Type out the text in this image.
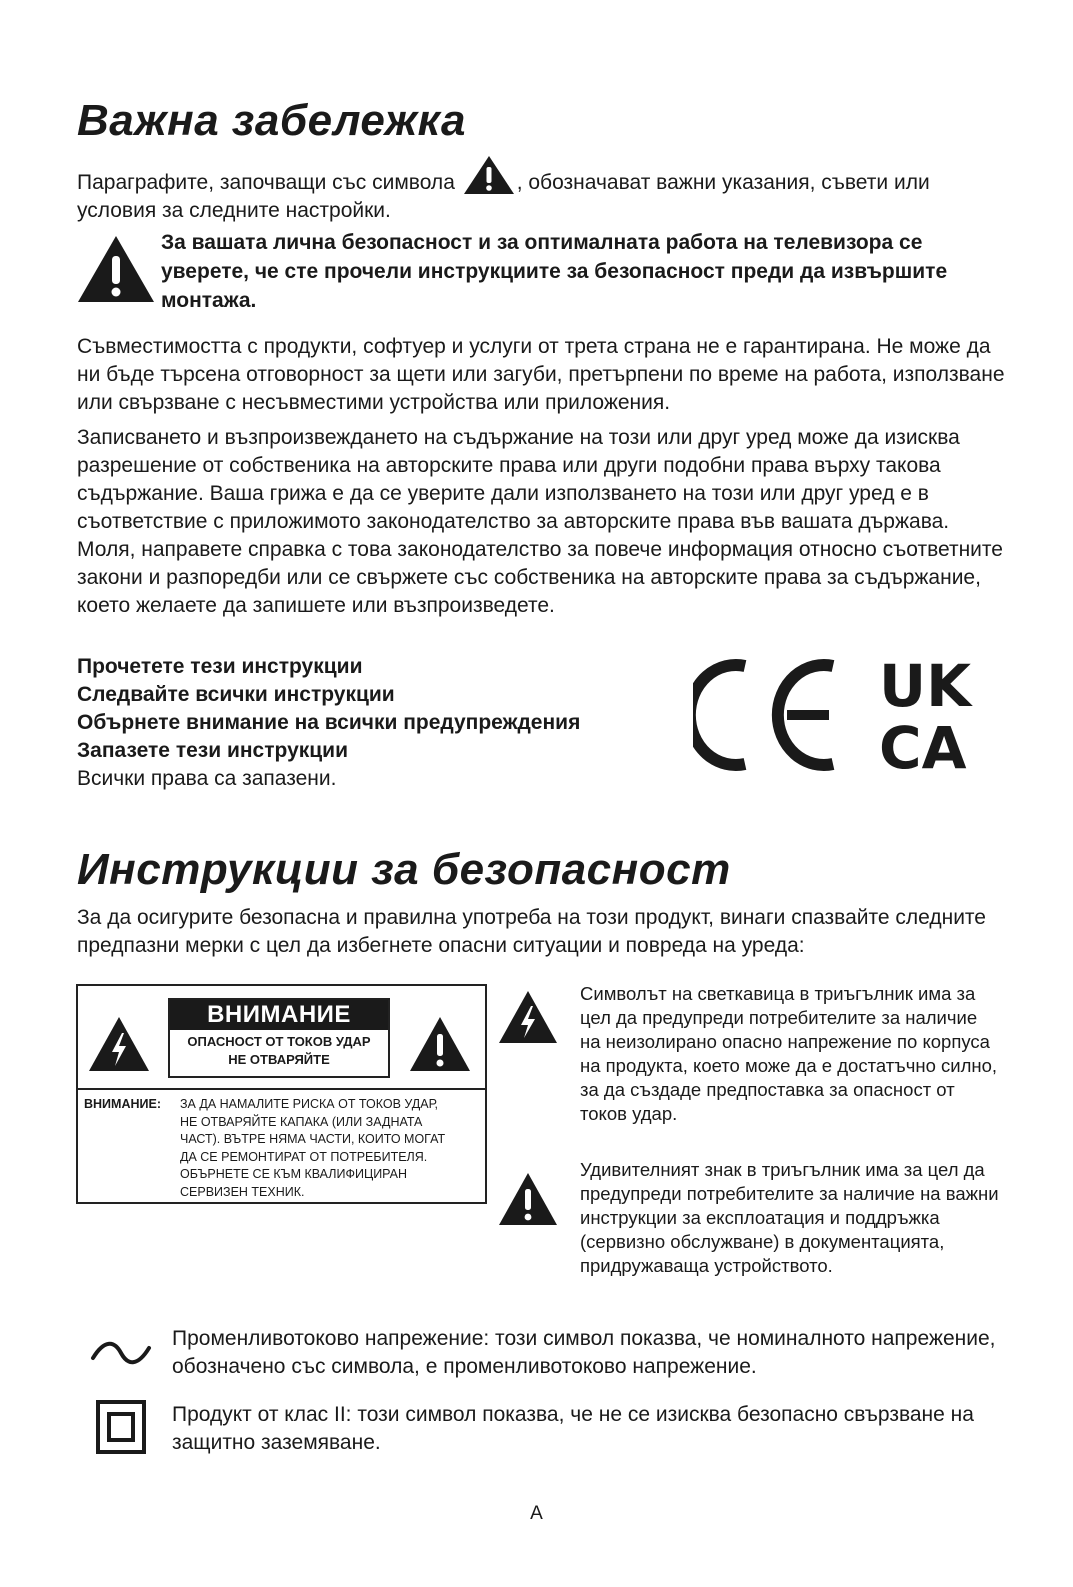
Важна забележка
Параграфите, започващи със символа	, обозначават важни указания, съвети или условия за следните настройки.
За вашата лична безопасност и за оптималната работа на телевизора се уверете, че сте прочели инструкциите за безопасност преди да извършите монтажа.
Съвместимостта с продукти, софтуер и услуги от трета страна не е гарантирана. Не може да ни бъде търсена отговорност за щети или загуби, претърпени по време на работа, използване или свързване с несъвместими устройства или приложения.
Записването и възпроизвеждането на съдържание на този или друг уред може да изисква разрешение от собственика на авторските права или други подобни права върху такова съдържание. Ваша грижа е да се уверите дали използването на този или друг уред е в съответствие с приложимото законодателство за авторските права във вашата държава. Моля, направете справка с това законодателство за повече информация относно съответните закони и разпоредби или се свържете със собственика на авторските права за съдържание, което желаете да запишете или възпроизведете.
Прочетете тези инструкции
Следвайте всички инструкции
Обърнете внимание на всички предупреждения
Запазете тези инструкции
Всички права са запазени.
UK
CA
Инструкции за безопасност
За да осигурите безопасна и правилна употреба на този продукт, винаги спазвайте следните предпазни мерки с цел да избегнете опасни ситуации и повреда на уреда:
ВНИМАНИЕ
ОПАСНОСТ ОТ ТОКОВ УДАР
НЕ ОТВАРЯЙТЕ
ВНИМАНИЕ: ЗА ДА НАМАЛИТЕ РИСКА ОТ ТОКОВ УДАР,
НЕ ОТВАРЯЙТЕ КАПАКА (ИЛИ ЗАДНАТА
ЧАСТ). ВЪТРЕ НЯМА ЧАСТИ, КОИТО МОГАТ
ДА СЕ РЕМОНТИРАТ ОТ ПОТРЕБИТЕЛЯ.
ОБЪРНЕТЕ СЕ КЪМ КВАЛИФИЦИРАН
СЕРВИЗЕН ТЕХНИК.
Символът на светкавица в триъгълник има за цел да предупреди потребителите за наличие на неизолирано опасно напрежение по корпуса на продукта, което може да е достатъчно силно, за да създаде предпоставка за опасност от токов удар.
Удивителният знак в триъгълник има за цел да предупреди потребителите за наличие на важни инструкции за експлоатация и поддръжка (сервизно обслужване) в документацията, придружаваща устройството.
Променливотоково напрежение: този символ показва, че номиналното напрежение, обозначено със символа, е променливотоково напрежение.
Продукт от клас II: този символ показва, че не се изисква безопасно свързване на защитно заземяване.
A
